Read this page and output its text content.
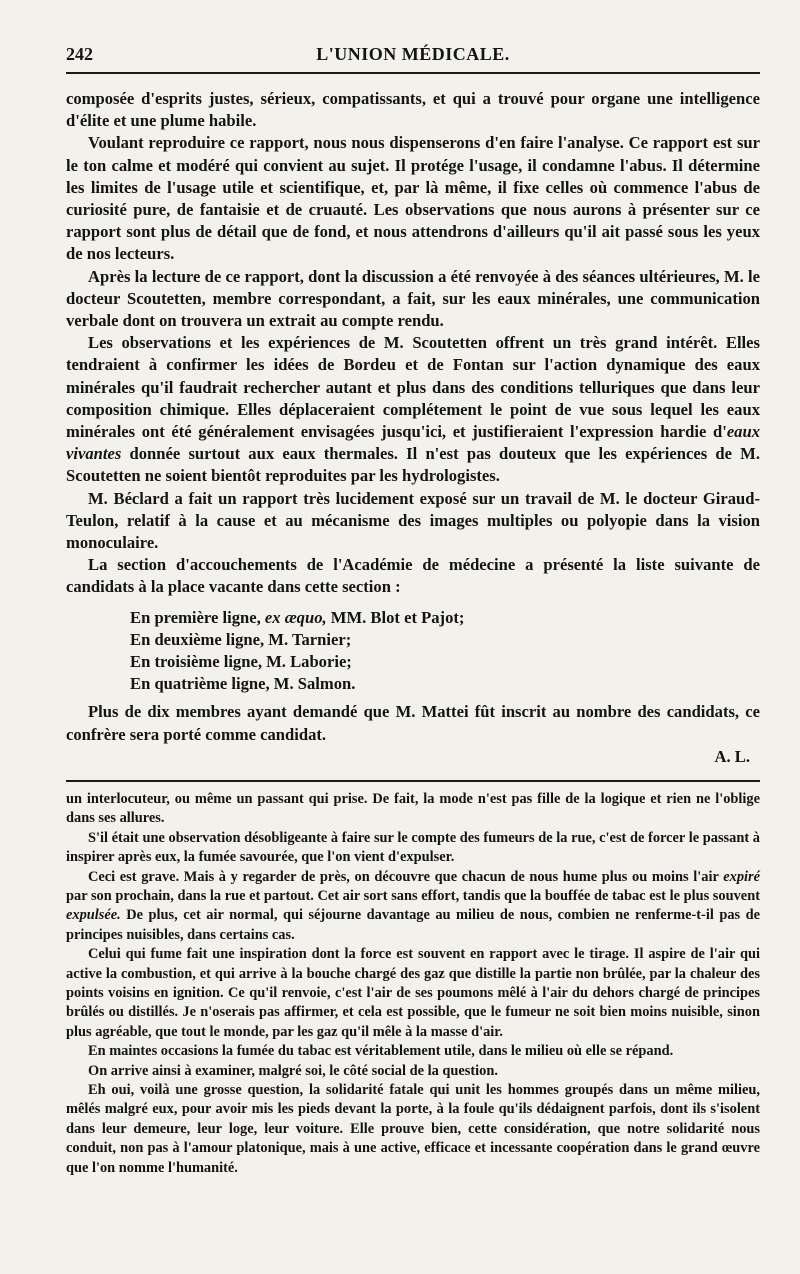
242	L'UNION MÉDICALE.

composée d'esprits justes, sérieux, compatissants, et qui a trouvé pour organe une intelligence d'élite et une plume habile.

Voulant reproduire ce rapport, nous nous dispenserons d'en faire l'analyse. Ce rapport est sur le ton calme et modéré qui convient au sujet. Il protége l'usage, il condamne l'abus. Il détermine les limites de l'usage utile et scientifique, et, par là même, il fixe celles où commence l'abus de curiosité pure, de fantaisie et de cruauté. Les observations que nous aurons à présenter sur ce rapport sont plus de détail que de fond, et nous attendrons d'ailleurs qu'il ait passé sous les yeux de nos lecteurs.

Après la lecture de ce rapport, dont la discussion a été renvoyée à des séances ultérieures, M. le docteur Scoutetten, membre correspondant, a fait, sur les eaux minérales, une communication verbale dont on trouvera un extrait au compte rendu.

Les observations et les expériences de M. Scoutetten offrent un très grand intérêt. Elles tendraient à confirmer les idées de Bordeu et de Fontan sur l'action dynamique des eaux minérales qu'il faudrait rechercher autant et plus dans des conditions telluriques que dans leur composition chimique. Elles déplaceraient complétement le point de vue sous lequel les eaux minérales ont été généralement envisagées jusqu'ici, et justifieraient l'expression hardie d'eaux vivantes donnée surtout aux eaux thermales. Il n'est pas douteux que les expériences de M. Scoutetten ne soient bientôt reproduites par les hydrologistes.

M. Béclard a fait un rapport très lucidement exposé sur un travail de M. le docteur Giraud-Teulon, relatif à la cause et au mécanisme des images multiples ou polyopie dans la vision monoculaire.

La section d'accouchements de l'Académie de médecine a présenté la liste suivante de candidats à la place vacante dans cette section :

En première ligne, ex æquo, MM. Blot et Pajot;
En deuxième ligne, M. Tarnier;
En troisième ligne, M. Laborie;
En quatrième ligne, M. Salmon.

Plus de dix membres ayant demandé que M. Mattei fût inscrit au nombre des candidats, ce confrère sera porté comme candidat.

A. L.

un interlocuteur, ou même un passant qui prise. De fait, la mode n'est pas fille de la logique et rien ne l'oblige dans ses allures.

S'il était une observation désobligeante à faire sur le compte des fumeurs de la rue, c'est de forcer le passant à inspirer après eux, la fumée savourée, que l'on vient d'expulser.

Ceci est grave. Mais à y regarder de près, on découvre que chacun de nous hume plus ou moins l'air expiré par son prochain, dans la rue et partout. Cet air sort sans effort, tandis que la bouffée de tabac est le plus souvent expulsée. De plus, cet air normal, qui séjourne davantage au milieu de nous, combien ne renferme-t-il pas de principes nuisibles, dans certains cas.

Celui qui fume fait une inspiration dont la force est souvent en rapport avec le tirage. Il aspire de l'air qui active la combustion, et qui arrive à la bouche chargé des gaz que distille la partie non brûlée, par la chaleur des points voisins en ignition. Ce qu'il renvoie, c'est l'air de ses poumons mêlé à l'air du dehors chargé de principes brûlés ou distillés. Je n'oserais pas affirmer, et cela est possible, que le fumeur ne soit bien moins nuisible, sinon plus agréable, que tout le monde, par les gaz qu'il mêle à la masse d'air.

En maintes occasions la fumée du tabac est véritablement utile, dans le milieu où elle se répand.

On arrive ainsi à examiner, malgré soi, le côté social de la question.

Eh oui, voilà une grosse question, la solidarité fatale qui unit les hommes groupés dans un même milieu, mêlés malgré eux, pour avoir mis les pieds devant la porte, à la foule qu'ils dédaignent parfois, dont ils s'isolent dans leur demeure, leur loge, leur voiture. Elle prouve bien, cette considération, que notre solidarité nous conduit, non pas à l'amour platonique, mais à une active, efficace et incessante coopération dans le grand œuvre que l'on nomme l'humanité.
